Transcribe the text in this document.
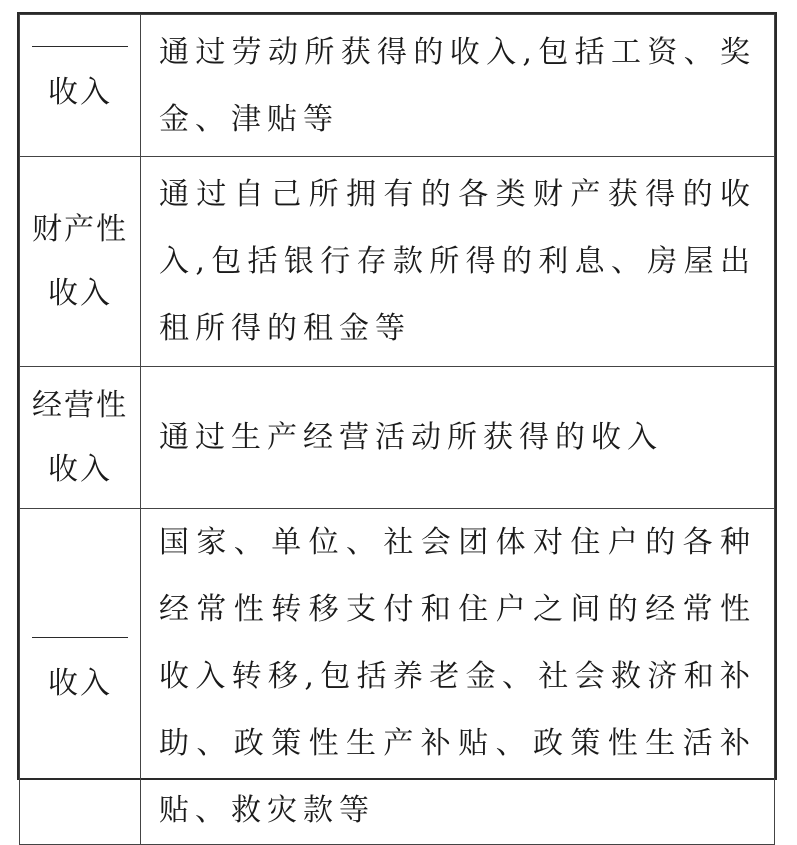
收入	通过劳动所获得的收入,包括工资、奖金、津贴等

财产性
收入	通过自己所拥有的各类财产获得的收入,包括银行存款所得的利息、房屋出租所得的租金等

经营性
收入	通过生产经营活动所获得的收入

收入	国家、单位、社会团体对住户的各种经常性转移支付和住户之间的经常性收入转移,包括养老金、社会救济和补助、政策性生产补贴、政策性生活补贴、救灾款等
